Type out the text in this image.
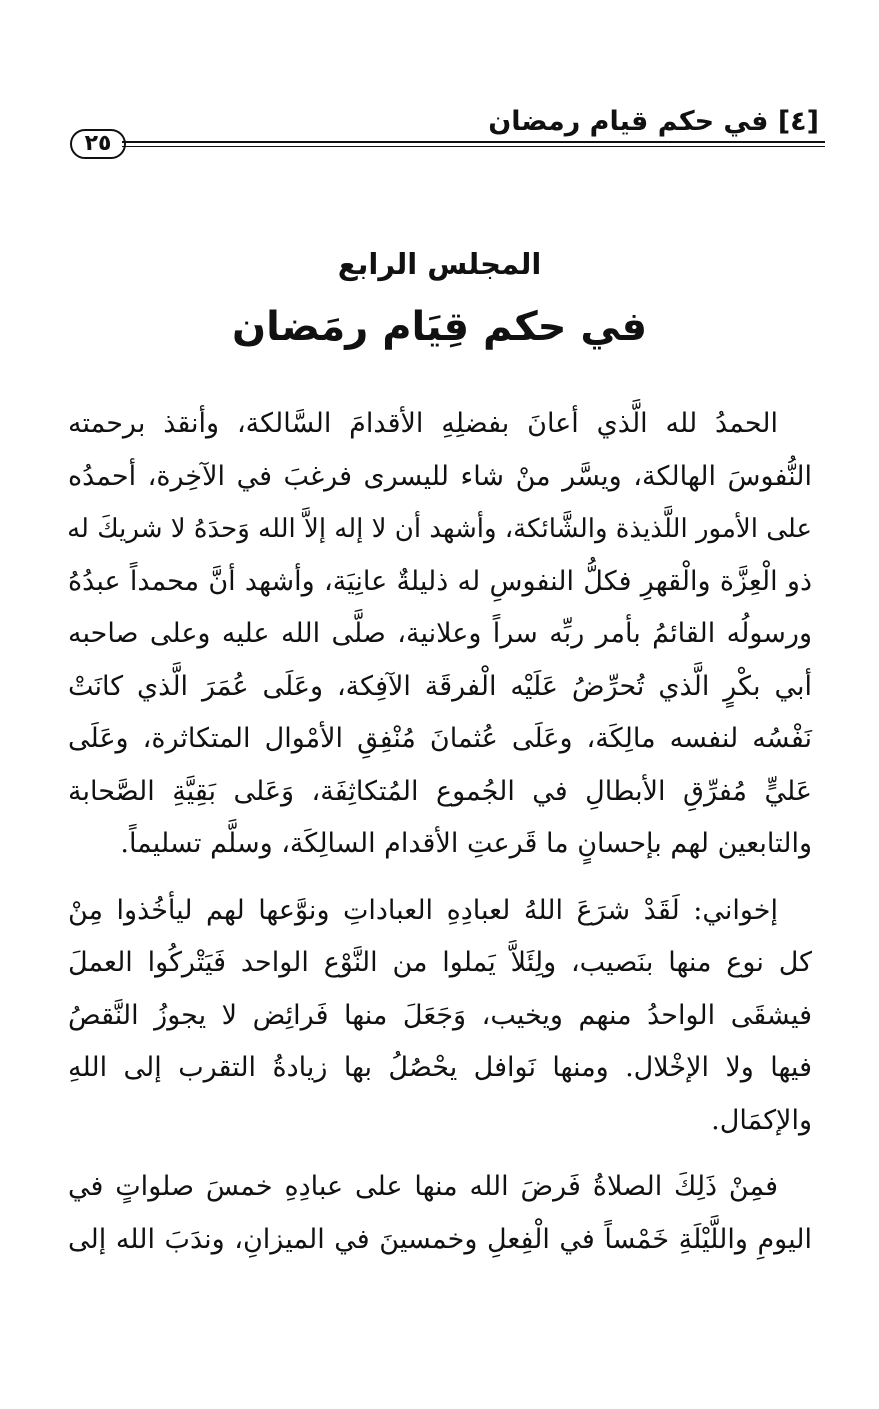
[٤] في حكم قيام رمضان
٢٥
المجلس الرابع
في حكم قِيَام رمَضان
الحمدُ لله الَّذي أعانَ بفضلِهِ الأقدامَ السَّالكة، وأنقذ برحمته
النُّفوسَ الهالكة، ويسَّر منْ شاء لليسرى فرغبَ في الآخِرة، أحمدُه
على الأمور اللَّذيذة والشَّائكة، وأشهد أن لا إله إلاَّ الله وَحدَهُ لا شريكَ له
ذو الْعِزَّة والْقهرِ فكلُّ النفوسِ له ذليلةٌ عانِيَة، وأشهد أنَّ محمداً عبدُهُ
ورسولُه القائمُ بأمر ربِّه سراً وعلانية، صلَّى الله عليه وعلى صاحبه
أبي بكْرٍ الَّذي تُحرِّضُ عَلَيْه الْفرقَة الآفِكة، وعَلَى عُمَرَ الَّذي كانَتْ
نَفْسُه لنفسه مالِكَة، وعَلَى عُثمانَ مُنْفِقِ الأمْوال المتكاثرة، وعَلَى
عَليٍّ مُفرِّقِ الأبطالِ في الجُموع المُتكاثِفَة، وَعَلى بَقِيَّةِ الصَّحابة
والتابعين لهم بإحسانٍ ما قَرعتِ الأقدام السالِكَة، وسلَّم تسليماً.
إخواني: لَقَدْ شرَعَ اللهُ لعبادِهِ العباداتِ ونوَّعها لهم ليأخُذوا مِنْ
كل نوع منها بنَصيب، ولِئَلاَّ يَملوا من النَّوْع الواحد فَيَتْركُوا العملَ
فيشقَى الواحدُ منهم ويخيب، وَجَعَلَ منها فَرائِض لا يجوزُ النَّقصُ
فيها ولا الإخْلال. ومنها نَوافل يحْصُلُ بها زيادةُ التقرب إلى اللهِ
والإكمَال.
فمِنْ ذَلِكَ الصلاةُ فَرضَ الله منها على عبادِهِ خمسَ صلواتٍ في
اليومِ واللَّيْلَةِ خَمْساً في الْفِعلِ وخمسينَ في الميزانِ، وندَبَ الله إلى
